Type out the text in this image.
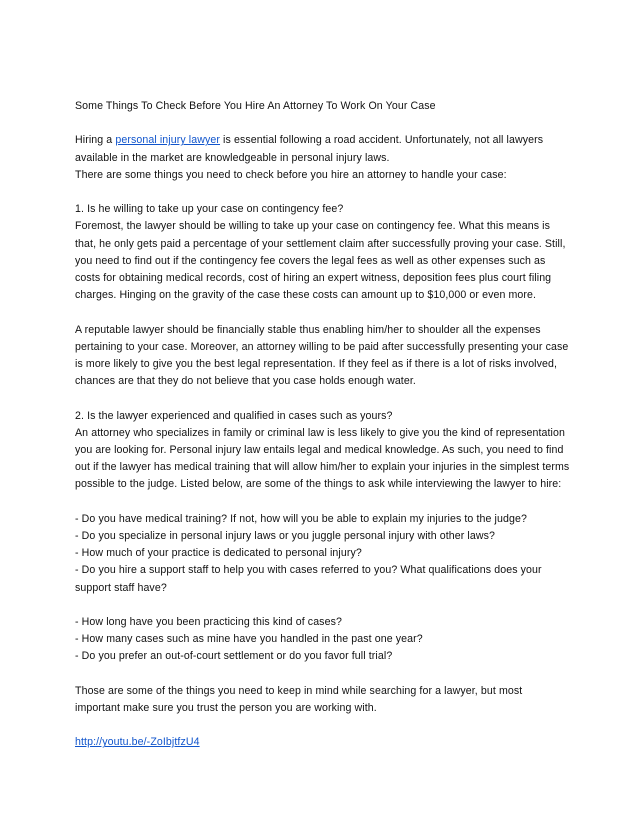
Some Things To Check Before You Hire An Attorney To Work On Your Case

Hiring a personal injury lawyer is essential following a road accident. Unfortunately, not all lawyers available in the market are knowledgeable in personal injury laws.

There are some things you need to check before you hire an attorney to handle your case:

1. Is he willing to take up your case on contingency fee?

Foremost, the lawyer should be willing to take up your case on contingency fee. What this means is that, he only gets paid a percentage of your settlement claim after successfully proving your case. Still, you need to find out if the contingency fee covers the legal fees as well as other expenses such as costs for obtaining medical records, cost of hiring an expert witness, deposition fees plus court filing charges. Hinging on the gravity of the case these costs can amount up to $10,000 or even more.

A reputable lawyer should be financially stable thus enabling him/her to shoulder all the expenses pertaining to your case. Moreover, an attorney willing to be paid after successfully presenting your case is more likely to give you the best legal representation. If they feel as if there is a lot of risks involved, chances are that they do not believe that you case holds enough water.

2. Is the lawyer experienced and qualified in cases such as yours?

An attorney who specializes in family or criminal law is less likely to give you the kind of representation you are looking for. Personal injury law entails legal and medical knowledge. As such, you need to find out if the lawyer has medical training that will allow him/her to explain your injuries in the simplest terms possible to the judge. Listed below, are some of the things to ask while interviewing the lawyer to hire:

- Do you have medical training? If not, how will you be able to explain my injuries to the judge?
- Do you specialize in personal injury laws or you juggle personal injury with other laws?
- How much of your practice is dedicated to personal injury?
- Do you hire a support staff to help you with cases referred to you? What qualifications does your support staff have?

- How long have you been practicing this kind of cases?
- How many cases such as mine have you handled in the past one year?
- Do you prefer an out-of-court settlement or do you favor full trial?

Those are some of the things you need to keep in mind while searching for a lawyer, but most important make sure you trust the person you are working with.

http://youtu.be/-ZoIbjtfzU4
